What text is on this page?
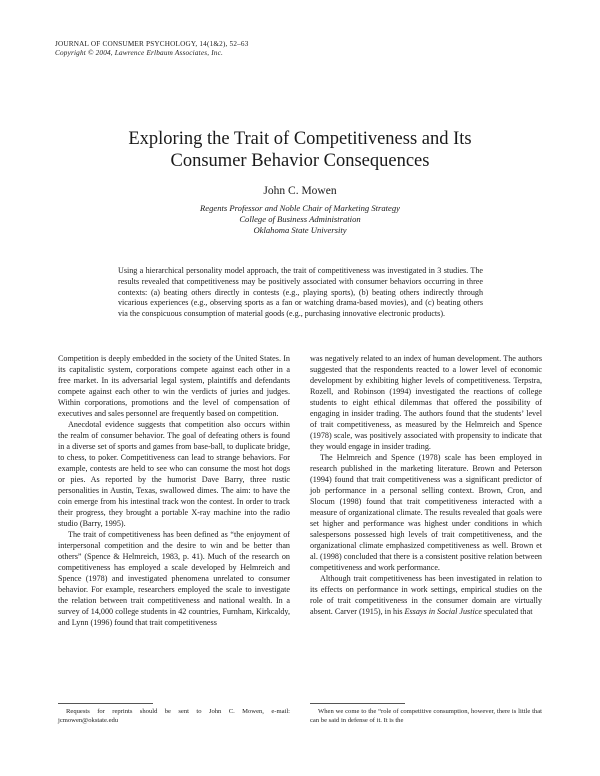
JOURNAL OF CONSUMER PSYCHOLOGY, 14(1&2), 52–63
Copyright © 2004, Lawrence Erlbaum Associates, Inc.
Exploring the Trait of Competitiveness and Its
Consumer Behavior Consequences
John C. Mowen
Regents Professor and Noble Chair of Marketing Strategy
College of Business Administration
Oklahoma State University
Using a hierarchical personality model approach, the trait of competitiveness was investigated in 3 studies. The results revealed that competitiveness may be positively associated with consumer behaviors occurring in three contexts: (a) beating others directly in contests (e.g., playing sports), (b) beating others indirectly through vicarious experiences (e.g., observing sports as a fan or watching drama-based movies), and (c) beating others via the conspicuous consumption of material goods (e.g., purchasing innovative electronic products).

Competition is deeply embedded in the society of the United States. In its capitalistic system, corporations compete against each other in a free market. In its adversarial legal system, plaintiffs and defendants compete against each other to win the verdicts of juries and judges. Within corporations, promotions and the level of compensation of executives and sales personnel are frequently based on competition.

Anecdotal evidence suggests that competition also occurs within the realm of consumer behavior. The goal of defeating others is found in a diverse set of sports and games from base-ball, to duplicate bridge, to chess, to poker. Competitiveness can lead to strange behaviors. For example, contests are held to see who can consume the most hot dogs or pies. As reported by the humorist Dave Barry, three rustic personalities in Austin, Texas, swallowed dimes. The aim: to have the coin emerge from his intestinal track won the contest. In order to track their progress, they brought a portable X-ray machine into the radio studio (Barry, 1995).

The trait of competitiveness has been defined as “the enjoyment of interpersonal competition and the desire to win and be better than others” (Spence & Helmreich, 1983, p. 41). Much of the research on competitiveness has employed a scale developed by Helmreich and Spence (1978) and investigated phenomena unrelated to consumer behavior. For example, researchers employed the scale to investigate the relation between trait competitiveness and national wealth. In a survey of 14,000 college students in 42 countries, Furnham, Kirkcaldy, and Lynn (1996) found that trait competitiveness

was negatively related to an index of human development. The authors suggested that the respondents reacted to a lower level of economic development by exhibiting higher levels of competitiveness. Terpstra, Rozell, and Robinson (1994) investigated the reactions of college students to eight ethical dilemmas that offered the possibility of engaging in insider trading. The authors found that the students’ level of trait competitiveness, as measured by the Helmreich and Spence (1978) scale, was positively associated with propensity to indicate that they would engage in insider trading.

The Helmreich and Spence (1978) scale has been employed in research published in the marketing literature. Brown and Peterson (1994) found that trait competitiveness was a significant predictor of job performance in a personal selling context. Brown, Cron, and Slocum (1998) found that trait competitiveness interacted with a measure of organizational climate. The results revealed that goals were set higher and performance was highest under conditions in which salespersons possessed high levels of trait competitiveness, and the organizational climate emphasized competitiveness as well. Brown et al. (1998) concluded that there is a consistent positive relation between competitiveness and work performance.

Although trait competitiveness has been investigated in relation to its effects on performance in work settings, empirical studies on the role of trait competitiveness in the consumer domain are virtually absent. Carver (1915), in his Essays in Social Justice speculated that

Requests for reprints should be sent to John C. Mowen, e-mail: jcmowen@okstate.edu
When we come to the “role of competitive consumption, however, there is little that can be said in defense of it. It is the
